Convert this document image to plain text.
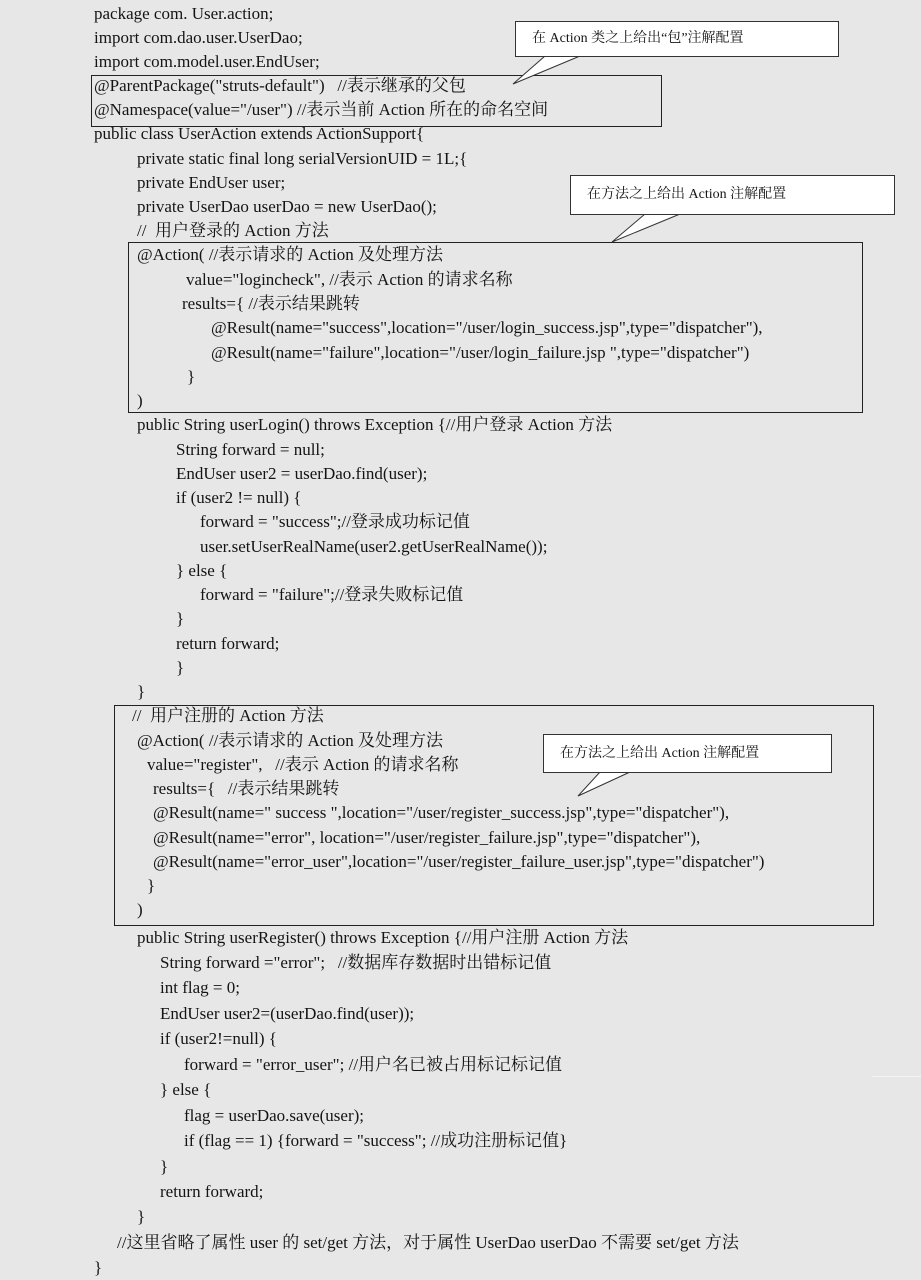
package com. User.action;
import com.dao.user.UserDao;
import com.model.user.EndUser;
@ParentPackage("struts-default")   //表示继承的父包
@Namespace(value="/user") //表示当前 Action 所在的命名空间
public class UserAction extends ActionSupport{
private static final long serialVersionUID = 1L;{
private EndUser user;
private UserDao userDao = new UserDao();
//  用户登录的 Action 方法
@Action( //表示请求的 Action 及处理方法
value="logincheck", //表示 Action 的请求名称
results={ //表示结果跳转
@Result(name="success",location="/user/login_success.jsp",type="dispatcher"),
@Result(name="failure",location="/user/login_failure.jsp ",type="dispatcher")
}
)
public String userLogin() throws Exception {//用户登录 Action 方法
String forward = null;
EndUser user2 = userDao.find(user);
if (user2 != null) {
forward = "success";//登录成功标记值
user.setUserRealName(user2.getUserRealName());
} else {
forward = "failure";//登录失败标记值
}
return forward;
}
}
//  用户注册的 Action 方法
@Action( //表示请求的 Action 及处理方法
value="register",   //表示 Action 的请求名称
results={   //表示结果跳转
@Result(name=" success ",location="/user/register_success.jsp",type="dispatcher"),
@Result(name="error", location="/user/register_failure.jsp",type="dispatcher"),
@Result(name="error_user",location="/user/register_failure_user.jsp",type="dispatcher")
}
)
public String userRegister() throws Exception {//用户注册 Action 方法
String forward ="error";   //数据库存数据时出错标记值
int flag = 0;
EndUser user2=(userDao.find(user));
if (user2!=null) {
forward = "error_user"; //用户名已被占用标记标记值
} else {
flag = userDao.save(user);
if (flag == 1) {forward = "success"; //成功注册标记值}
}
return forward;
}
//这里省略了属性 user 的 set/get 方法，对于属性 UserDao userDao 不需要 set/get 方法
}
在 Action 类之上给出“包”注解配置
在方法之上给出 Action 注解配置
在方法之上给出 Action 注解配置
